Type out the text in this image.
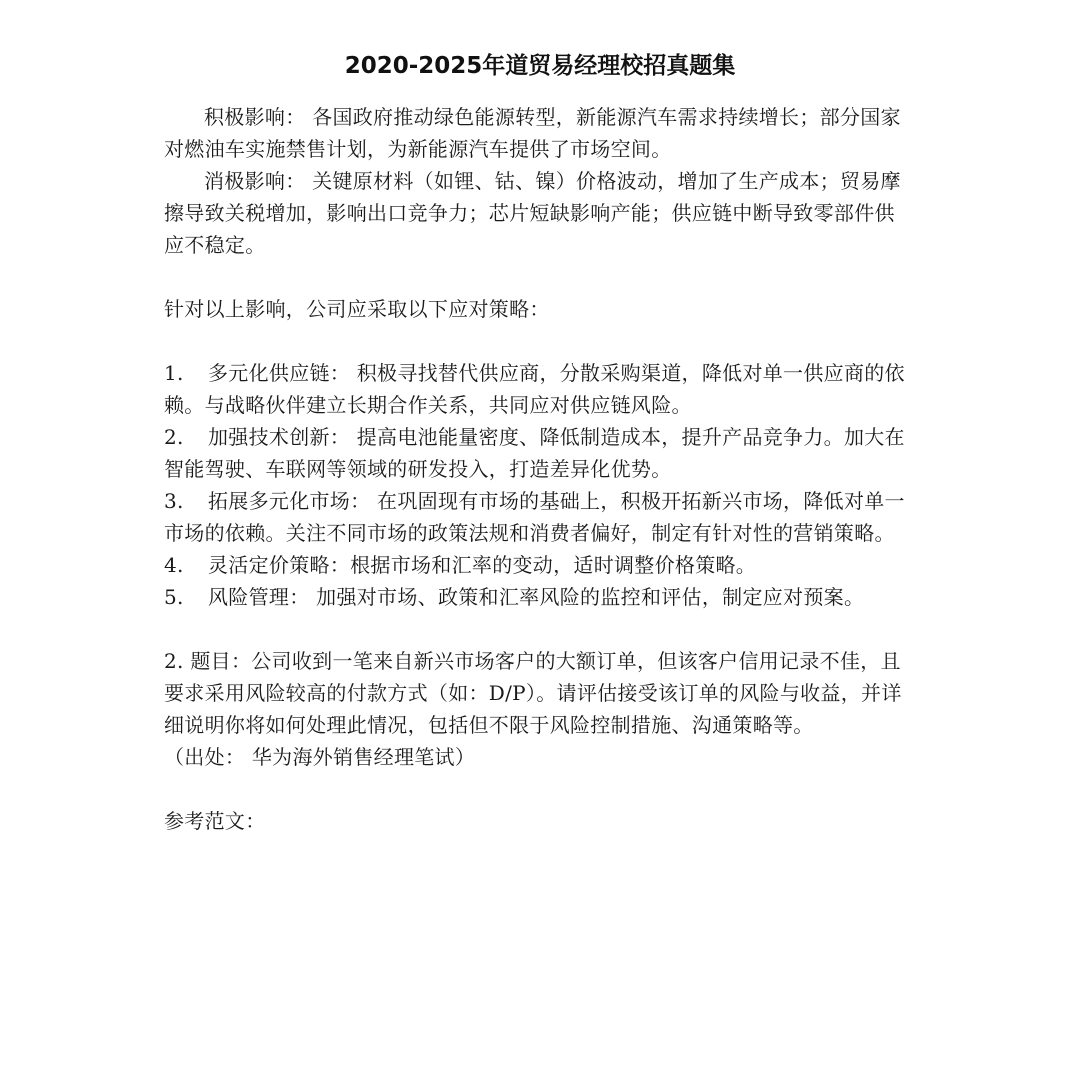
2020-2025年道贸易经理校招真题集

积极影响： 各国政府推动绿色能源转型，新能源汽车需求持续增长；部分国家对燃油车实施禁售计划，为新能源汽车提供了市场空间。

消极影响： 关键原材料（如锂、钴、镍）价格波动，增加了生产成本；贸易摩擦导致关税增加，影响出口竞争力；芯片短缺影响产能；供应链中断导致零部件供应不稳定。

针对以上影响，公司应采取以下应对策略：

1. 多元化供应链： 积极寻找替代供应商，分散采购渠道，降低对单一供应商的依赖。与战略伙伴建立长期合作关系，共同应对供应链风险。

2. 加强技术创新： 提高电池能量密度、降低制造成本，提升产品竞争力。加大在智能驾驶、车联网等领域的研发投入，打造差异化优势。

3. 拓展多元化市场： 在巩固现有市场的基础上，积极开拓新兴市场，降低对单一市场的依赖。关注不同市场的政策法规和消费者偏好，制定有针对性的营销策略。

4. 灵活定价策略：根据市场和汇率的变动，适时调整价格策略。

5. 风险管理： 加强对市场、政策和汇率风险的监控和评估，制定应对预案。

2. 题目：公司收到一笔来自新兴市场客户的大额订单，但该客户信用记录不佳，且要求采用风险较高的付款方式（如：D/P）。请评估接受该订单的风险与收益，并详细说明你将如何处理此情况，包括但不限于风险控制措施、沟通策略等。

（出处： 华为海外销售经理笔试）

参考范文：
